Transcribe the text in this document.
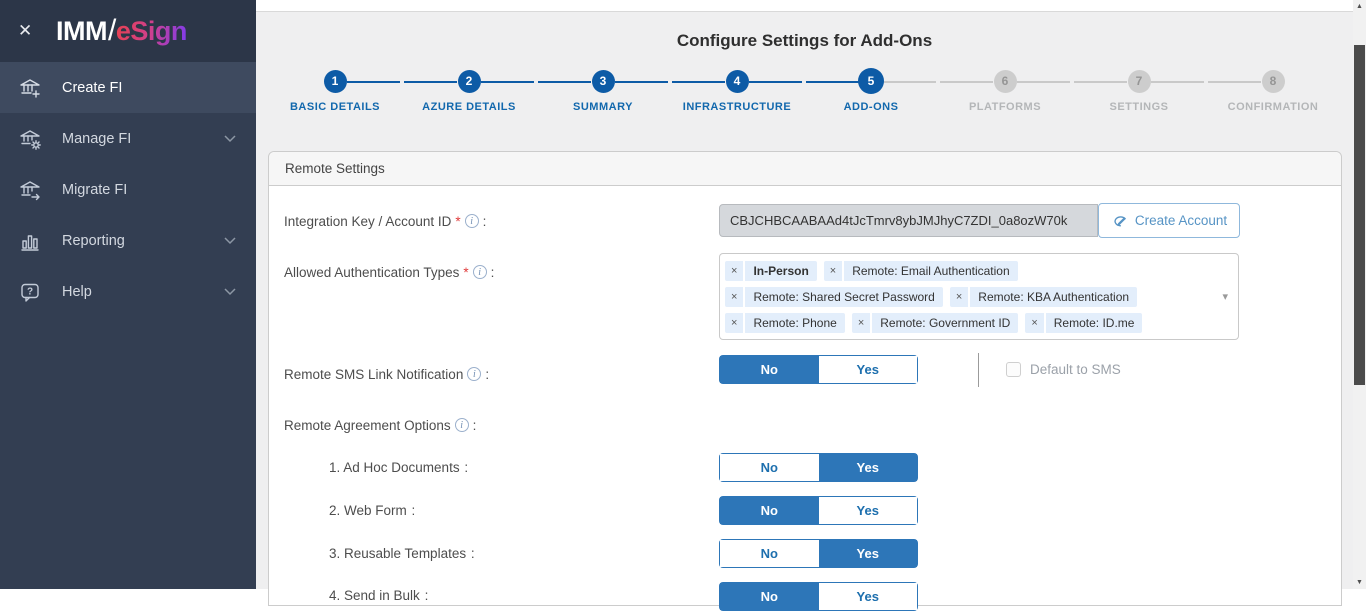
✕ IMM/eSign
Create FI
Manage FI
Migrate FI
Reporting
? Help
Configure Settings for Add-Ons
1
BASIC DETAILS
2
AZURE DETAILS
3
SUMMARY
4
INFRASTRUCTURE
5
ADD-ONS
6
PLATFORMS
7
SETTINGS
8
CONFIRMATION
Remote Settings
Integration Key / Account ID * i :	CBJCHBCAABAAd4tJcTmrv8ybJMJhyC7ZDI_0a8ozW70k	Create Account
Allowed Authentication Types * i :	×	In-Person	×	Remote: Email Authentication
×	Remote: Shared Secret Password	×	Remote: KBA Authentication
×	Remote: Phone	×	Remote: Government ID	×	Remote: ID.me
▾
Remote SMS Link Notification i :	No	Yes	Default to SMS
Remote Agreement Options i :
1. Ad Hoc Documents :	No	Yes
2. Web Form :	No	Yes
3. Reusable Templates :	No	Yes
4. Send in Bulk :	No	Yes
▲
▼
